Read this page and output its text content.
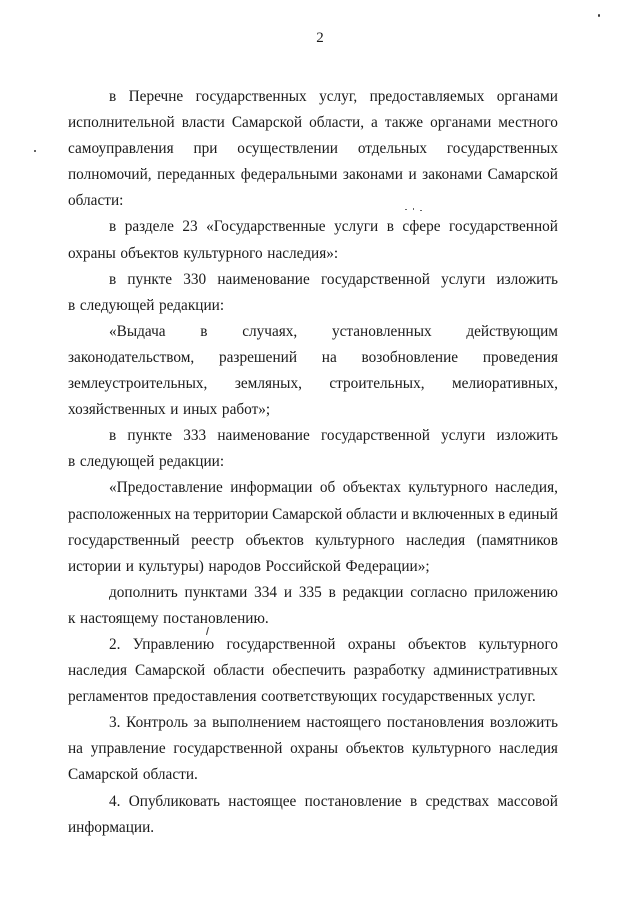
2
в Перечне государственных услуг, предоставляемых органами
исполнительной власти Самарской области, а также органами местного
самоуправления при осуществлении отдельных государственных
полномочий, переданных федеральными законами и законами Самарской
области:
в разделе 23 «Государственные услуги в сфере государственной
охраны объектов культурного наследия»:
в пункте 330 наименование государственной услуги изложить
в следующей редакции:
«Выдача в случаях, установленных действующим
законодательством, разрешений на возобновление проведения
землеустроительных, земляных, строительных, мелиоративных,
хозяйственных и иных работ»;
в пункте 333 наименование государственной услуги изложить
в следующей редакции:
«Предоставление информации об объектах культурного наследия,
расположенных на территории Самарской области и включенных в единый
государственный реестр объектов культурного наследия (памятников
истории и культуры) народов Российской Федерации»;
дополнить пунктами 334 и 335 в редакции согласно приложению
к настоящему постановлению.
2. Управлению государственной охраны объектов культурного
наследия Самарской области обеспечить разработку административных
регламентов предоставления соответствующих государственных услуг.
3. Контроль за выполнением настоящего постановления возложить
на управление государственной охраны объектов культурного наследия
Самарской области.
4. Опубликовать настоящее постановление в средствах массовой
информации.
